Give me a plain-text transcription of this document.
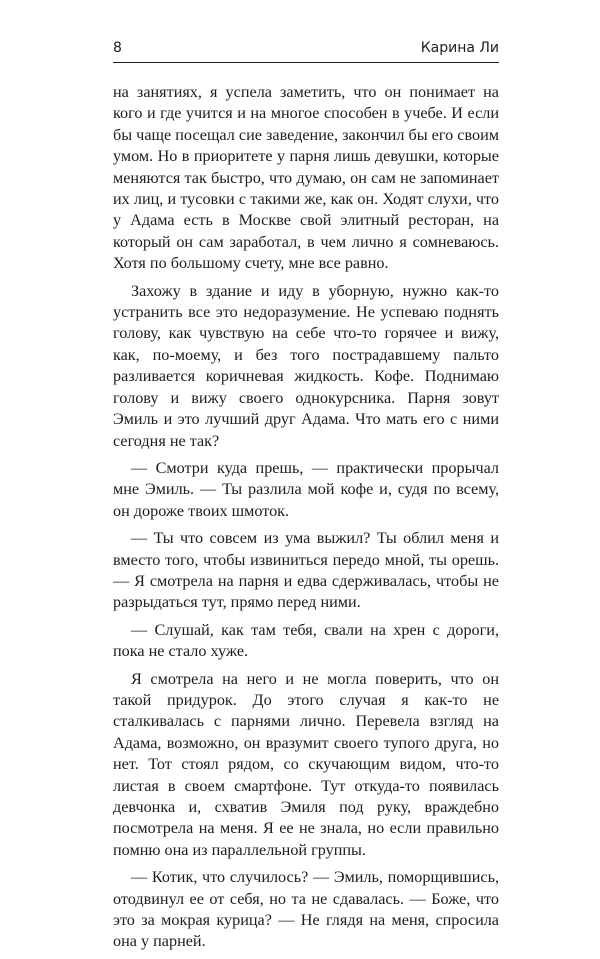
8	Карина Ли

на занятиях, я успела заметить, что он понимает на кого и где учится и на многое способен в учебе. И если бы чаще посещал сие заведение, закончил бы его своим умом. Но в приоритете у парня лишь девушки, которые меняются так быстро, что думаю, он сам не запоминает их лиц, и тусовки с такими же, как он. Ходят слухи, что у Адама есть в Москве свой элитный ресторан, на который он сам заработал, в чем лично я сомневаюсь. Хотя по большому счету, мне все равно.

Захожу в здание и иду в уборную, нужно как-то устранить все это недоразумение. Не успеваю поднять голову, как чувствую на себе что-то горячее и вижу, как, по-моему, и без того пострадавшему пальто разливается коричневая жидкость. Кофе. Поднимаю голову и вижу своего однокурсника. Парня зовут Эмиль и это лучший друг Адама. Что мать его с ними сегодня не так?

— Смотри куда прешь, — практически прорычал мне Эмиль. — Ты разлила мой кофе и, судя по всему, он дороже твоих шмоток.

— Ты что совсем из ума выжил? Ты облил меня и вместо того, чтобы извиниться передо мной, ты орешь. — Я смотрела на парня и едва сдерживалась, чтобы не разрыдаться тут, прямо перед ними.

— Слушай, как там тебя, свали на хрен с дороги, пока не стало хуже.

Я смотрела на него и не могла поверить, что он такой придурок. До этого случая я как-то не сталкивалась с парнями лично. Перевела взгляд на Адама, возможно, он вразумит своего тупого друга, но нет. Тот стоял рядом, со скучающим видом, что-то листая в своем смартфоне. Тут откуда-то появилась девчонка и, схватив Эмиля под руку, враждебно посмотрела на меня. Я ее не знала, но если правильно помню она из параллельной группы.

— Котик, что случилось? — Эмиль, поморщившись, отодвинул ее от себя, но та не сдавалась. — Боже, что это за мокрая курица? — Не глядя на меня, спросила она у парней.
